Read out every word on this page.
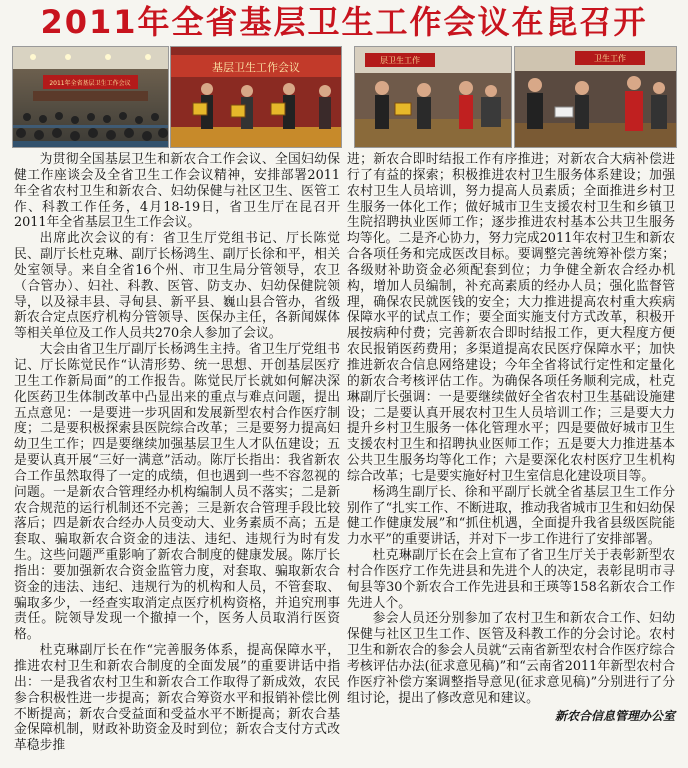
2011年全省基层卫生工作会议在昆召开
2011年全省基层卫生工作会议
基层卫生工作会议
层卫生工作	卫生工作

为贯彻全国基层卫生和新农合工作会议、全国妇幼保健工作座谈会及全省卫生工作会议精神，安排部署2011年全省农村卫生和新农合、妇幼保健与社区卫生、医管工作、科教工作任务，4月18-19日，省卫生厅在昆召开2011年全省基层卫生工作会议。

出席此次会议的有：省卫生厅党组书记、厅长陈觉民、副厅长杜克琳、副厅长杨鸿生、副厅长徐和平，相关处室领导。来自全省16个州、市卫生局分管领导，农卫（合管办）、妇社、科教、医管、防支办、妇幼保健院领导，以及禄丰县、寻甸县、新平县、巍山县合管办，省级新农合定点医疗机构分管领导、医保办主任，各新闻媒体等相关单位及工作人员共270余人参加了会议。

大会由省卫生厅副厅长杨鸿生主持。省卫生厅党组书记、厅长陈觉民作“认清形势、统一思想、开创基层医疗卫生工作新局面”的工作报告。陈觉民厅长就如何解决深化医药卫生体制改革中凸显出来的重点与难点问题，提出五点意见：一是要进一步巩固和发展新型农村合作医疗制度；二是要积极探索县医院综合改革；三是要努力提高妇幼卫生工作；四是要继续加强基层卫生人才队伍建设；五是要认真开展“三好一满意”活动。陈厅长指出：我省新农合工作虽然取得了一定的成绩，但也遇到一些不容忽视的问题。一是新农合管理经办机构编制人员不落实；二是新农合规范的运行机制还不完善；三是新农合管理手段比较落后；四是新农合经办人员变动大、业务素质不高；五是套取、骗取新农合资金的违法、违纪、违规行为时有发生。这些问题严重影响了新农合制度的健康发展。陈厅长指出：要加强新农合资金监管力度，对套取、骗取新农合资金的违法、违纪、违规行为的机构和人员，不管套取、骗取多少，一经查实取消定点医疗机构资格，并追究刑事责任。院领导发现一个撤掉一个，医务人员取消行医资格。

杜克琳副厅长在作“完善服务体系，提高保障水平，推进农村卫生和新农合制度的全面发展”的重要讲话中指出：一是我省农村卫生和新农合工作取得了新成效，农民参合积极性进一步提高；新农合筹资水平和报销补偿比例不断提高；新农合受益面和受益水平不断提高；新农合基金保障机制，财政补助资金及时到位；新农合支付方式改革稳步推

进；新农合即时结报工作有序推进；对新农合大病补偿进行了有益的探索；积极推进农村卫生服务体系建设；加强农村卫生人员培训，努力提高人员素质；全面推进乡村卫生服务一体化工作；做好城市卫生支援农村卫生和乡镇卫生院招聘执业医师工作；逐步推进农村基本公共卫生服务均等化。二是齐心协力，努力完成2011年农村卫生和新农合各项任务和完成医改目标。要调整完善统筹补偿方案；各级财补助资金必须配套到位；力争健全新农合经办机构，增加人员编制，补充高素质的经办人员；强化监督管理，确保农民就医钱的安全；大力推进提高农村重大疾病保障水平的试点工作；要全面实施支付方式改革，积极开展按病种付费；完善新农合即时结报工作，更大程度方便农民报销医药费用；多渠道提高农民医疗保障水平；加快推进新农合信息网络建设；今年全省将试行定性和定量化的新农合考核评估工作。为确保各项任务顺利完成，杜克琳副厅长强调：一是要继续做好全省农村卫生基础设施建设；二是要认真开展农村卫生人员培训工作；三是要大力提升乡村卫生服务一体化管理水平；四是要做好城市卫生支援农村卫生和招聘执业医师工作；五是要大力推进基本公共卫生服务均等化工作；六是要深化农村医疗卫生机构综合改革；七是要实施好村卫生室信息化建设项目等。

杨鸿生副厅长、徐和平副厅长就全省基层卫生工作分别作了“扎实工作、不断进取，推动我省城市卫生和妇幼保健工作健康发展”和“抓住机遇，全面提升我省县级医院能力水平”的重要讲话，并对下一步工作进行了安排部署。

杜克琳副厅长在会上宣布了省卫生厅关于表彰新型农村合作医疗工作先进县和先进个人的决定，表彰昆明市寻甸县等30个新农合工作先进县和王瑛等158名新农合工作先进人个。

参会人员还分别参加了农村卫生和新农合工作、妇幼保健与社区卫生工作、医管及科教工作的分会讨论。农村卫生和新农合的参会人员就“云南省新型农村合作医疗综合考核评估办法(征求意见稿)”和“云南省2011年新型农村合作医疗补偿方案调整指导意见(征求意见稿)”分别进行了分组讨论，提出了修改意见和建议。

新农合信息管理办公室
